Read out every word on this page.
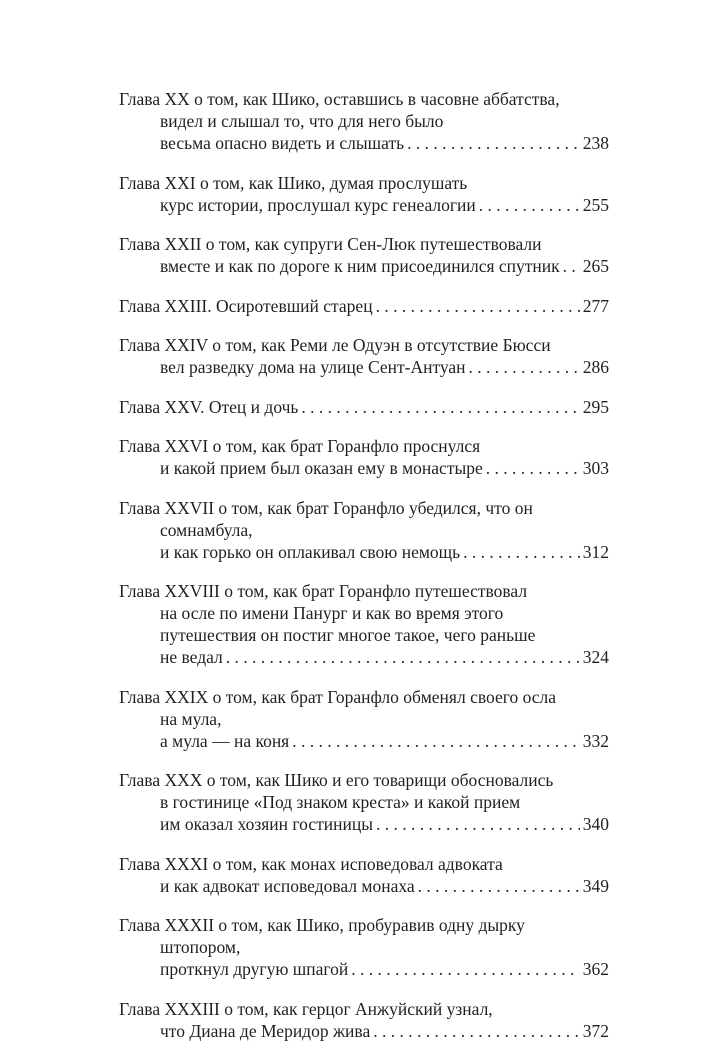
Глава XX о том, как Шико, оставшись в часовне аббатства,
видел и слышал то, что для него было
весьма опасно видеть и слышать . . .	238
Глава XXI о том, как Шико, думая прослушать
курс истории, прослушал курс генеалогии . . .	255
Глава XXII о том, как супруги Сен-Люк путешествовали
вместе и как по дороге к ним присоединился спутник . . . 265
Глава XXIII. Осиротевший старец . . .	277
Глава XXIV о том, как Реми ле Одуэн в отсутствие Бюсси
вел разведку дома на улице Сент-Антуан . . .	286
Глава XXV. Отец и дочь . . .	295
Глава XXVI о том, как брат Горанфло проснулся
и какой прием был оказан ему в монастыре . . .	303
Глава XXVII о том, как брат Горанфло убедился, что он
сомнамбула,
и как горько он оплакивал свою немощь . . .	312
Глава XXVIII о том, как брат Горанфло путешествовал
на осле по имени Панург и как во время этого
путешествия он постиг многое такое, чего раньше
не ведал . . .	324
Глава XXIX о том, как брат Горанфло обменял своего осла
на мула,
а мула — на коня . . .	332
Глава XXX о том, как Шико и его товарищи обосновались
в гостинице «Под знаком креста» и какой прием
им оказал хозяин гостиницы . . .	340
Глава XXXI о том, как монах исповедовал адвоката
и как адвокат исповедовал монаха . . .	349
Глава XXXII о том, как Шико, пробуравив одну дырку
штопором,
проткнул другую шпагой . . .	362
Глава XXXIII о том, как герцог Анжуйский узнал,
что Диана де Меридор жива . . .	372
